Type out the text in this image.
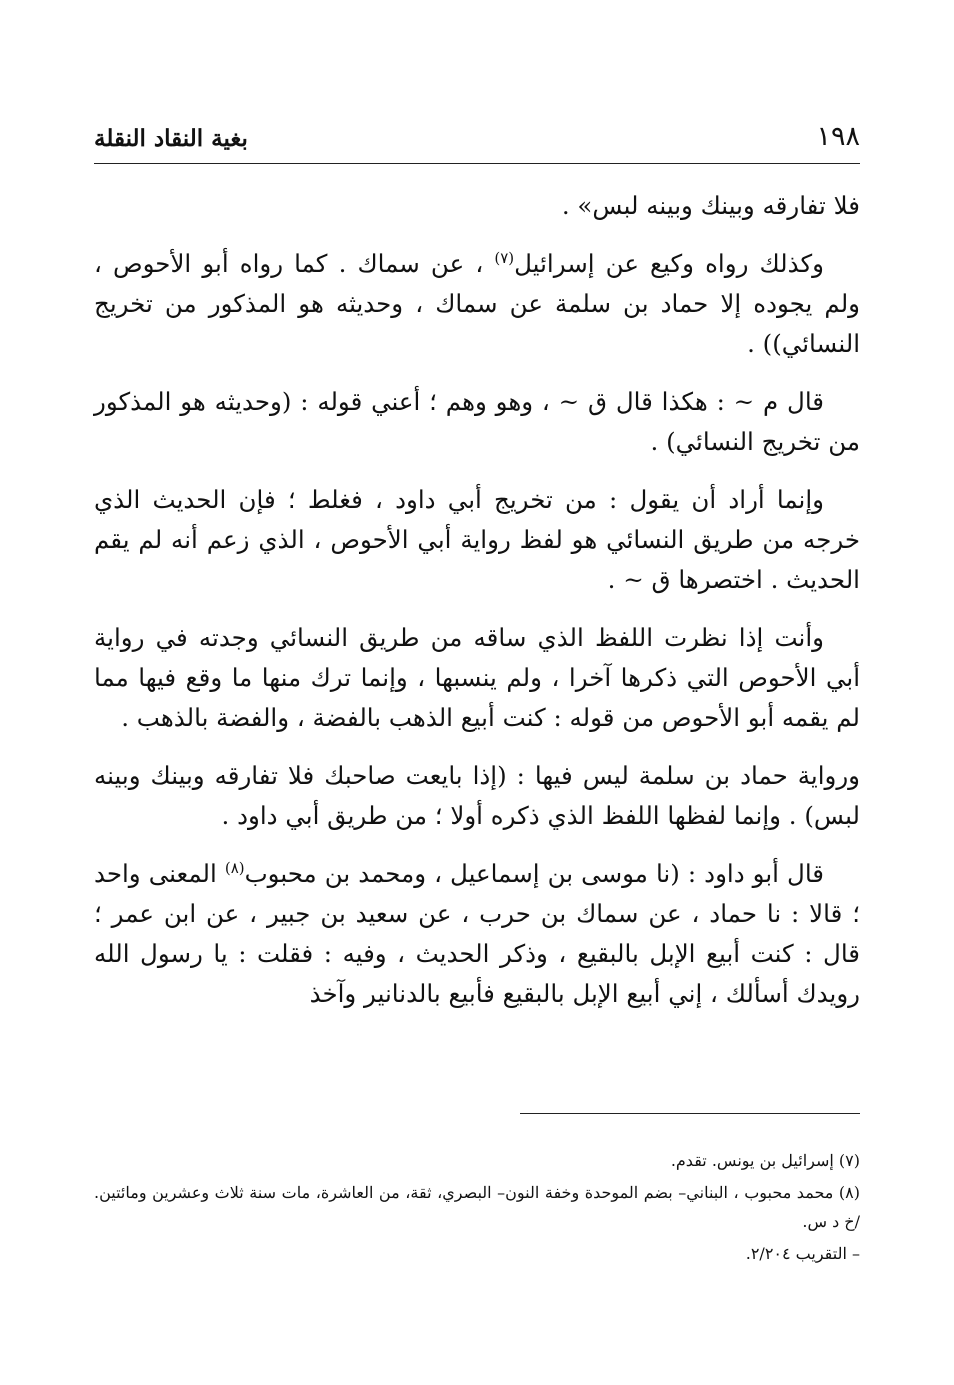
١٩٨
بغية النقاد النقلة

فلا تفارقه وبينك وبينه لبس» .

وكذلك رواه وكيع عن إسرائيل$^{(٧)}$ ، عن سماك . كما رواه أبو الأحوص ، ولم يجوده إلا حماد بن سلمة عن سماك ، وحديثه هو المذكور من تخريج النسائي)) .

قال م ~ : هكذا قال ق ~ ، وهو وهم ؛ أعني قوله : (وحديثه هو المذكور من تخريج النسائي) .

وإنما أراد أن يقول : من تخريج أبي داود ، فغلط ؛ فإن الحديث الذي خرجه من طريق النسائي هو لفظ رواية أبي الأحوص ، الذي زعم أنه لم يقم الحديث . اختصرها ق ~ .

وأنت إذا نظرت اللفظ الذي ساقه من طريق النسائي وجدته في رواية أبي الأحوص التي ذكرها آخرا ، ولم ينسبها ، وإنما ترك منها ما وقع فيها مما لم يقمه أبو الأحوص من قوله : كنت أبيع الذهب بالفضة ، والفضة بالذهب .

ورواية حماد بن سلمة ليس فيها : (إذا بايعت صاحبك فلا تفارقه وبينك وبينه لبس) . وإنما لفظها اللفظ الذي ذكره أولا ؛ من طريق أبي داود .

قال أبو داود : (نا موسى بن إسماعيل ، ومحمد بن محبوب$^{(٨)}$ المعنى واحد ؛ قالا : نا حماد ، عن سماك بن حرب ، عن سعيد بن جبير ، عن ابن عمر ؛ قال : كنت أبيع الإبل بالبقيع ، وذكر الحديث ، وفيه : فقلت : يا رسول الله رويدك أسألك ، إني أبيع الإبل بالبقيع فأبيع بالدنانير وآخذ

(٧) إسرائيل بن يونس. تقدم.

(٨) محمد محبوب ، البناني– بضم الموحدة وخفة النون– البصري، ثقة، من العاشرة، مات سنة ثلاث وعشرين ومائتين. /خ د س.

– التقريب ٢/٢٠٤.
